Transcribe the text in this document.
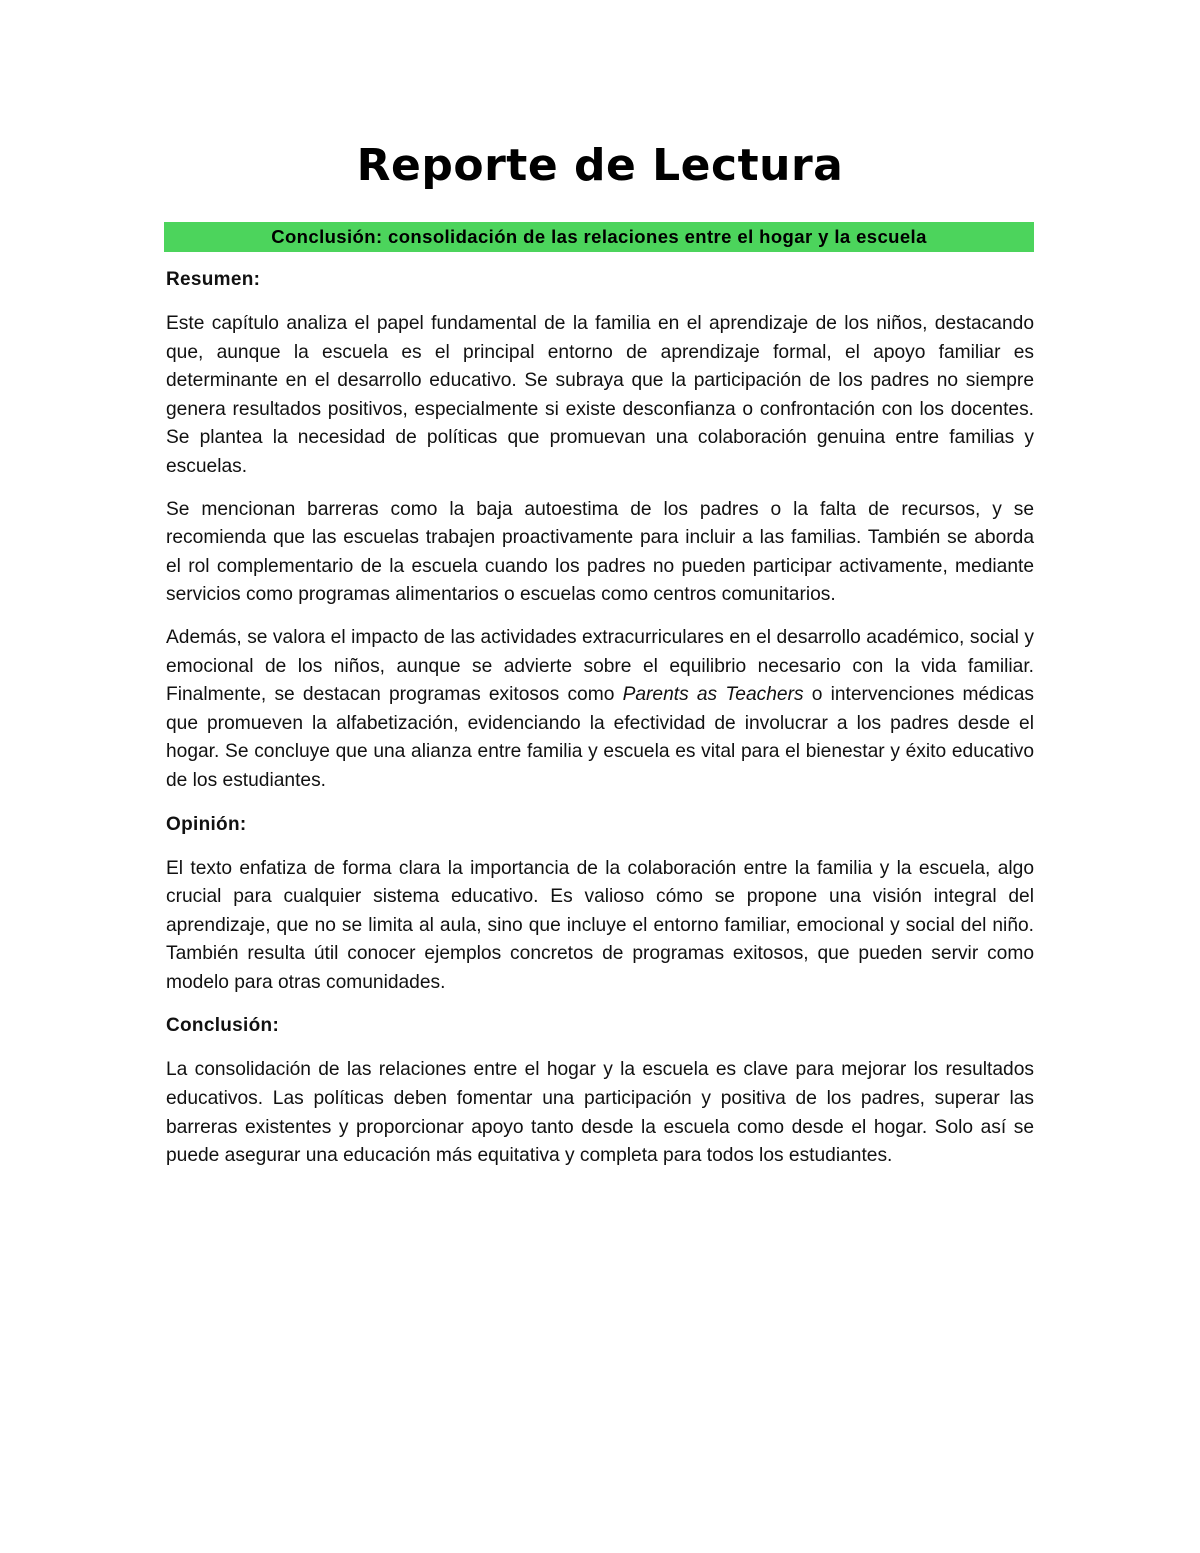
Reporte de Lectura
Conclusión: consolidación de las relaciones entre el hogar y la escuela

Resumen:

Este capítulo analiza el papel fundamental de la familia en el aprendizaje de los niños, destacando que, aunque la escuela es el principal entorno de aprendizaje formal, el apoyo familiar es determinante en el desarrollo educativo. Se subraya que la participación de los padres no siempre genera resultados positivos, especialmente si existe desconfianza o confrontación con los docentes. Se plantea la necesidad de políticas que promuevan una colaboración genuina entre familias y escuelas.

Se mencionan barreras como la baja autoestima de los padres o la falta de recursos, y se recomienda que las escuelas trabajen proactivamente para incluir a las familias. También se aborda el rol complementario de la escuela cuando los padres no pueden participar activamente, mediante servicios como programas alimentarios o escuelas como centros comunitarios.

Además, se valora el impacto de las actividades extracurriculares en el desarrollo académico, social y emocional de los niños, aunque se advierte sobre el equilibrio necesario con la vida familiar. Finalmente, se destacan programas exitosos como Parents as Teachers o intervenciones médicas que promueven la alfabetización, evidenciando la efectividad de involucrar a los padres desde el hogar. Se concluye que una alianza entre familia y escuela es vital para el bienestar y éxito educativo de los estudiantes.

Opinión:

El texto enfatiza de forma clara la importancia de la colaboración entre la familia y la escuela, algo crucial para cualquier sistema educativo. Es valioso cómo se propone una visión integral del aprendizaje, que no se limita al aula, sino que incluye el entorno familiar, emocional y social del niño. También resulta útil conocer ejemplos concretos de programas exitosos, que pueden servir como modelo para otras comunidades.

Conclusión:

La consolidación de las relaciones entre el hogar y la escuela es clave para mejorar los resultados educativos. Las políticas deben fomentar una participación y positiva de los padres, superar las barreras existentes y proporcionar apoyo tanto desde la escuela como desde el hogar. Solo así se puede asegurar una educación más equitativa y completa para todos los estudiantes.
